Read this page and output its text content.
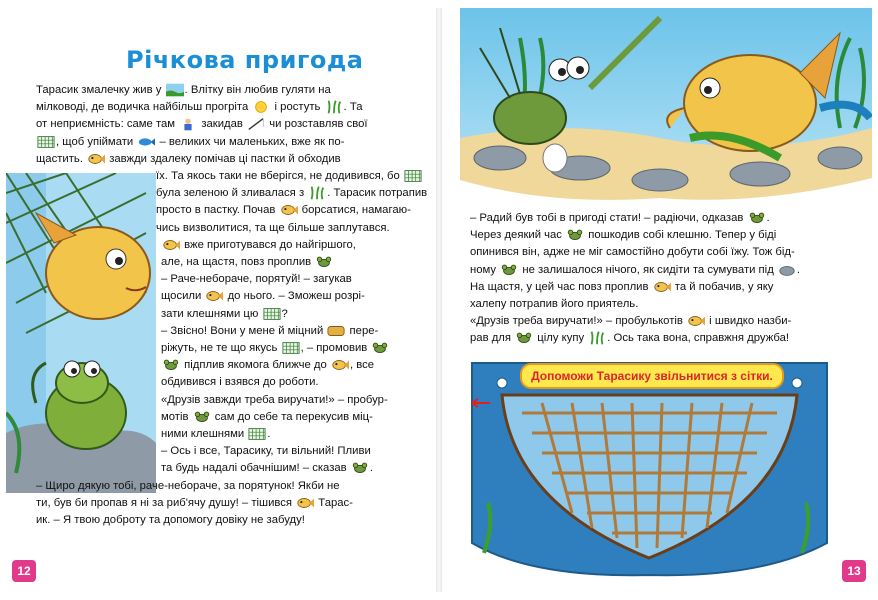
Річкова пригода

Тарасик змалечку жив у
. Влітку він любив гуляти на

мілководі, де водичка найбільш прогріта
і ростуть
. Та

от неприємність: саме там
закидав
чи розставляв свої

, щоб упіймати
– великих чи маленьких, вже як по-

щастить.
завжди здалеку помічав ці пастки й обходив

їх. Та якось таки не вберігся, не додивився, бо

була зеленою й зливалася з
. Тарасик потрапив

просто в пастку. Почав
борсатися, намагаю-

чись визволитися, та ще більше заплутався.

вже приготувався до найгіршого,

але, на щастя, повз проплив

– Раче-небораче, порятуй! – загукав

щосили
до нього. – Зможеш розрі-

зати клешнями цю
?

– Звісно! Вони у мене й міцний
пере-

ріжуть, не те що якусь
, – промовив

підплив якомога ближче до
, все

обдивився і взявся до роботи.

«Друзів завжди треба виручати!» – пробур-

мотів
сам до себе та перекусив міц-

ними клешнями
.

– Ось і все, Тарасику, ти вільний! Пливи

та будь надалі обачнішим! – сказав
.

– Щиро дякую тобі, раче-небораче, за порятунок! Якби не

ти, був би пропав я ні за риб'ячу душу! – тішився
Тарас-

ик. – Я твою доброту та допомогу довіку не забуду!

12

– Радий був тобі в пригоді стати! – радіючи, одказав
.

Через деякий час
пошкодив собі клешню. Тепер у біді

опинився він, адже не міг самостійно добути собі їжу. Тож бід-

ному
не залишалося нічого, як сидіти та сумувати під
.

На щастя, у цей час повз проплив
та й побачив, у яку

халепу потрапив його приятель.

«Друзів треба виручати!» – пробулькотів
і швидко назби-

рав для
цілу купу
. Ось така вона, справжня дружба!

Допоможи Тарасику звільнитися з сітки.
13
